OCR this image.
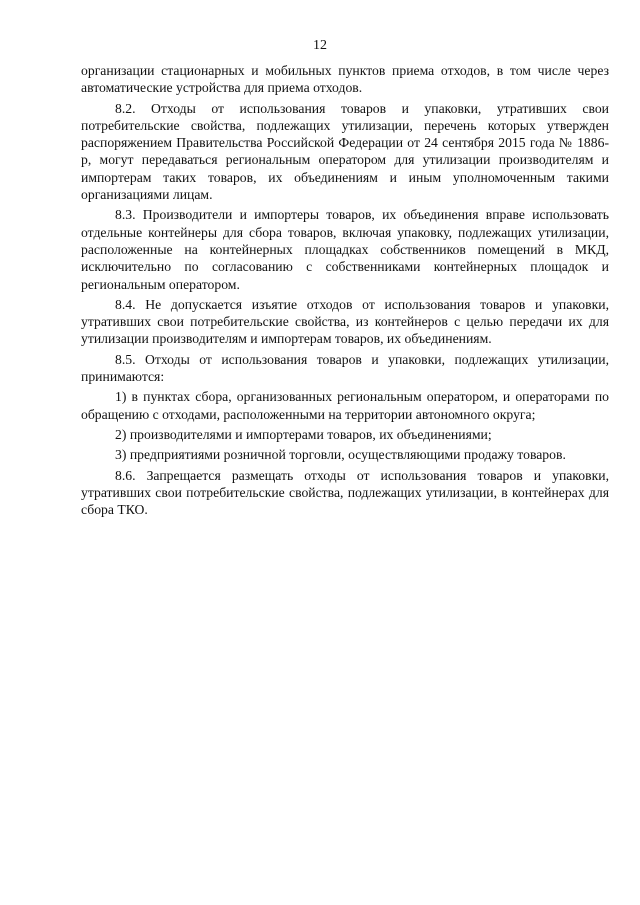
12

организации стационарных и мобильных пунктов приема отходов, в том числе через автоматические устройства для приема отходов.

8.2. Отходы от использования товаров и упаковки, утративших свои потребительские свойства, подлежащих утилизации, перечень которых утвержден распоряжением Правительства Российской Федерации от 24 сентября 2015 года № 1886-р, могут передаваться региональным оператором для утилизации производителям и импортерам таких товаров, их объединениям и иным уполномоченным такими организациями лицам.

8.3. Производители и импортеры товаров, их объединения вправе использовать отдельные контейнеры для сбора товаров, включая упаковку, подлежащих утилизации, расположенные на контейнерных площадках собственников помещений в МКД, исключительно по согласованию с собственниками контейнерных площадок и региональным оператором.

8.4. Не допускается изъятие отходов от использования товаров и упаковки, утративших свои потребительские свойства, из контейнеров с целью передачи их для утилизации производителям и импортерам товаров, их объединениям.

8.5. Отходы от использования товаров и упаковки, подлежащих утилизации, принимаются:

1) в пунктах сбора, организованных региональным оператором, и операторами по обращению с отходами, расположенными на территории автономного округа;

2) производителями и импортерами товаров, их объединениями;

3) предприятиями розничной торговли, осуществляющими продажу товаров.

8.6. Запрещается размещать отходы от использования товаров и упаковки, утративших свои потребительские свойства, подлежащих утилизации, в контейнерах для сбора ТКО.
